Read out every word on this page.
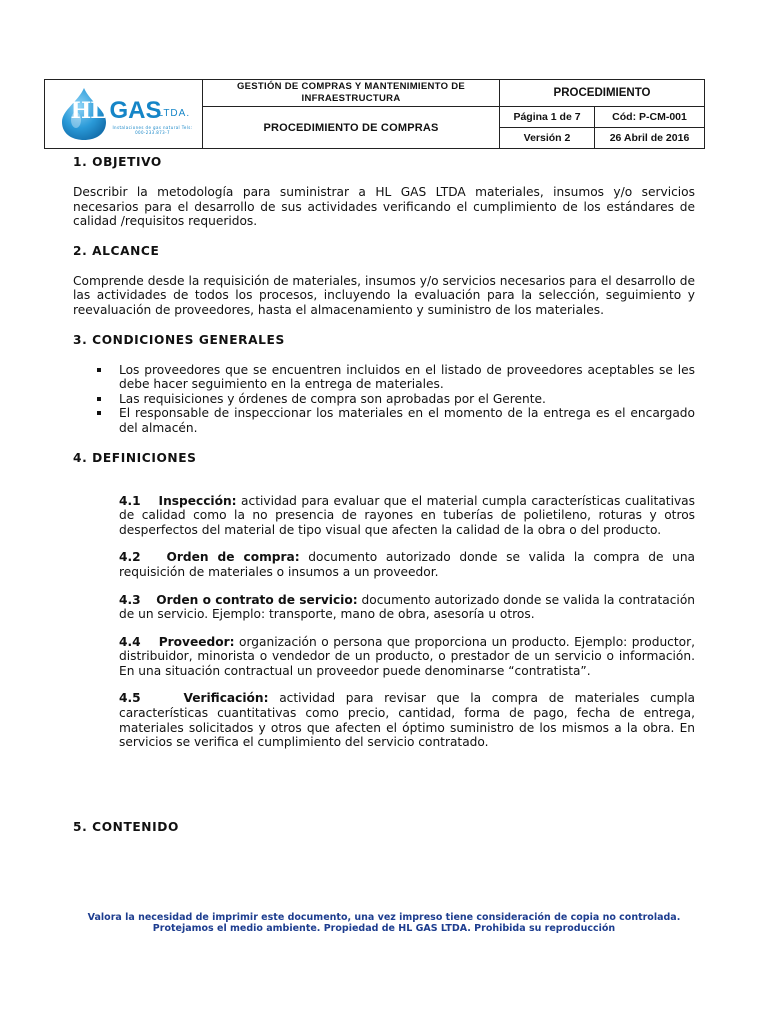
HL GAS
LTDA.
Instalaciones de gas natural Tels: 000-233.873-7	GESTIÓN DE COMPRAS Y MANTENIMIENTO DE INFRAESTRUCTURA	PROCEDIMIENTO	
	PROCEDIMIENTO DE COMPRAS	Página 1 de 7	Cód: P-CM-001
		Versión 2	26 Abril de 2016
1. OBJETIVO

Describir la metodología para suministrar a HL GAS LTDA materiales, insumos y/o servicios necesarios para el desarrollo de sus actividades verificando el cumplimiento de los estándares de calidad /requisitos requeridos.

2. ALCANCE

Comprende desde la requisición de materiales, insumos y/o servicios necesarios para el desarrollo de las actividades de todos los procesos, incluyendo la evaluación para la selección, seguimiento y reevaluación de proveedores, hasta el almacenamiento y suministro de los materiales.

3. CONDICIONES GENERALES
Los proveedores que se encuentren incluidos en el listado de proveedores aceptables se les debe hacer seguimiento en la entrega de materiales.
Las requisiciones y órdenes de compra son aprobadas por el Gerente.
El responsable de inspeccionar los materiales en el momento de la entrega es el encargado del almacén.
4. DEFINICIONES

4.1 Inspección: actividad para evaluar que el material cumpla características cualitativas de calidad como la no presencia de rayones en tuberías de polietileno, roturas y otros desperfectos del material de tipo visual que afecten la calidad de la obra o del producto.

4.2 Orden de compra: documento autorizado donde se valida la compra de una requisición de materiales o insumos a un proveedor.

4.3 Orden o contrato de servicio: documento autorizado donde se valida la contratación de un servicio. Ejemplo: transporte, mano de obra, asesoría u otros.

4.4 Proveedor: organización o persona que proporciona un producto. Ejemplo: productor, distribuidor, minorista o vendedor de un producto, o prestador de un servicio o información. En una situación contractual un proveedor puede denominarse “contratista”.

4.5	Verificación: actividad para revisar que la compra de materiales cumpla características cuantitativas como precio, cantidad, forma de pago, fecha de entrega, materiales solicitados y otros que afecten el óptimo suministro de los mismos a la obra. En servicios se verifica el cumplimiento del servicio contratado.

5. CONTENIDO
Valora la necesidad de imprimir este documento, una vez impreso tiene consideración de copia no controlada.
Protejamos el medio ambiente. Propiedad de HL GAS LTDA. Prohibida su reproducción
